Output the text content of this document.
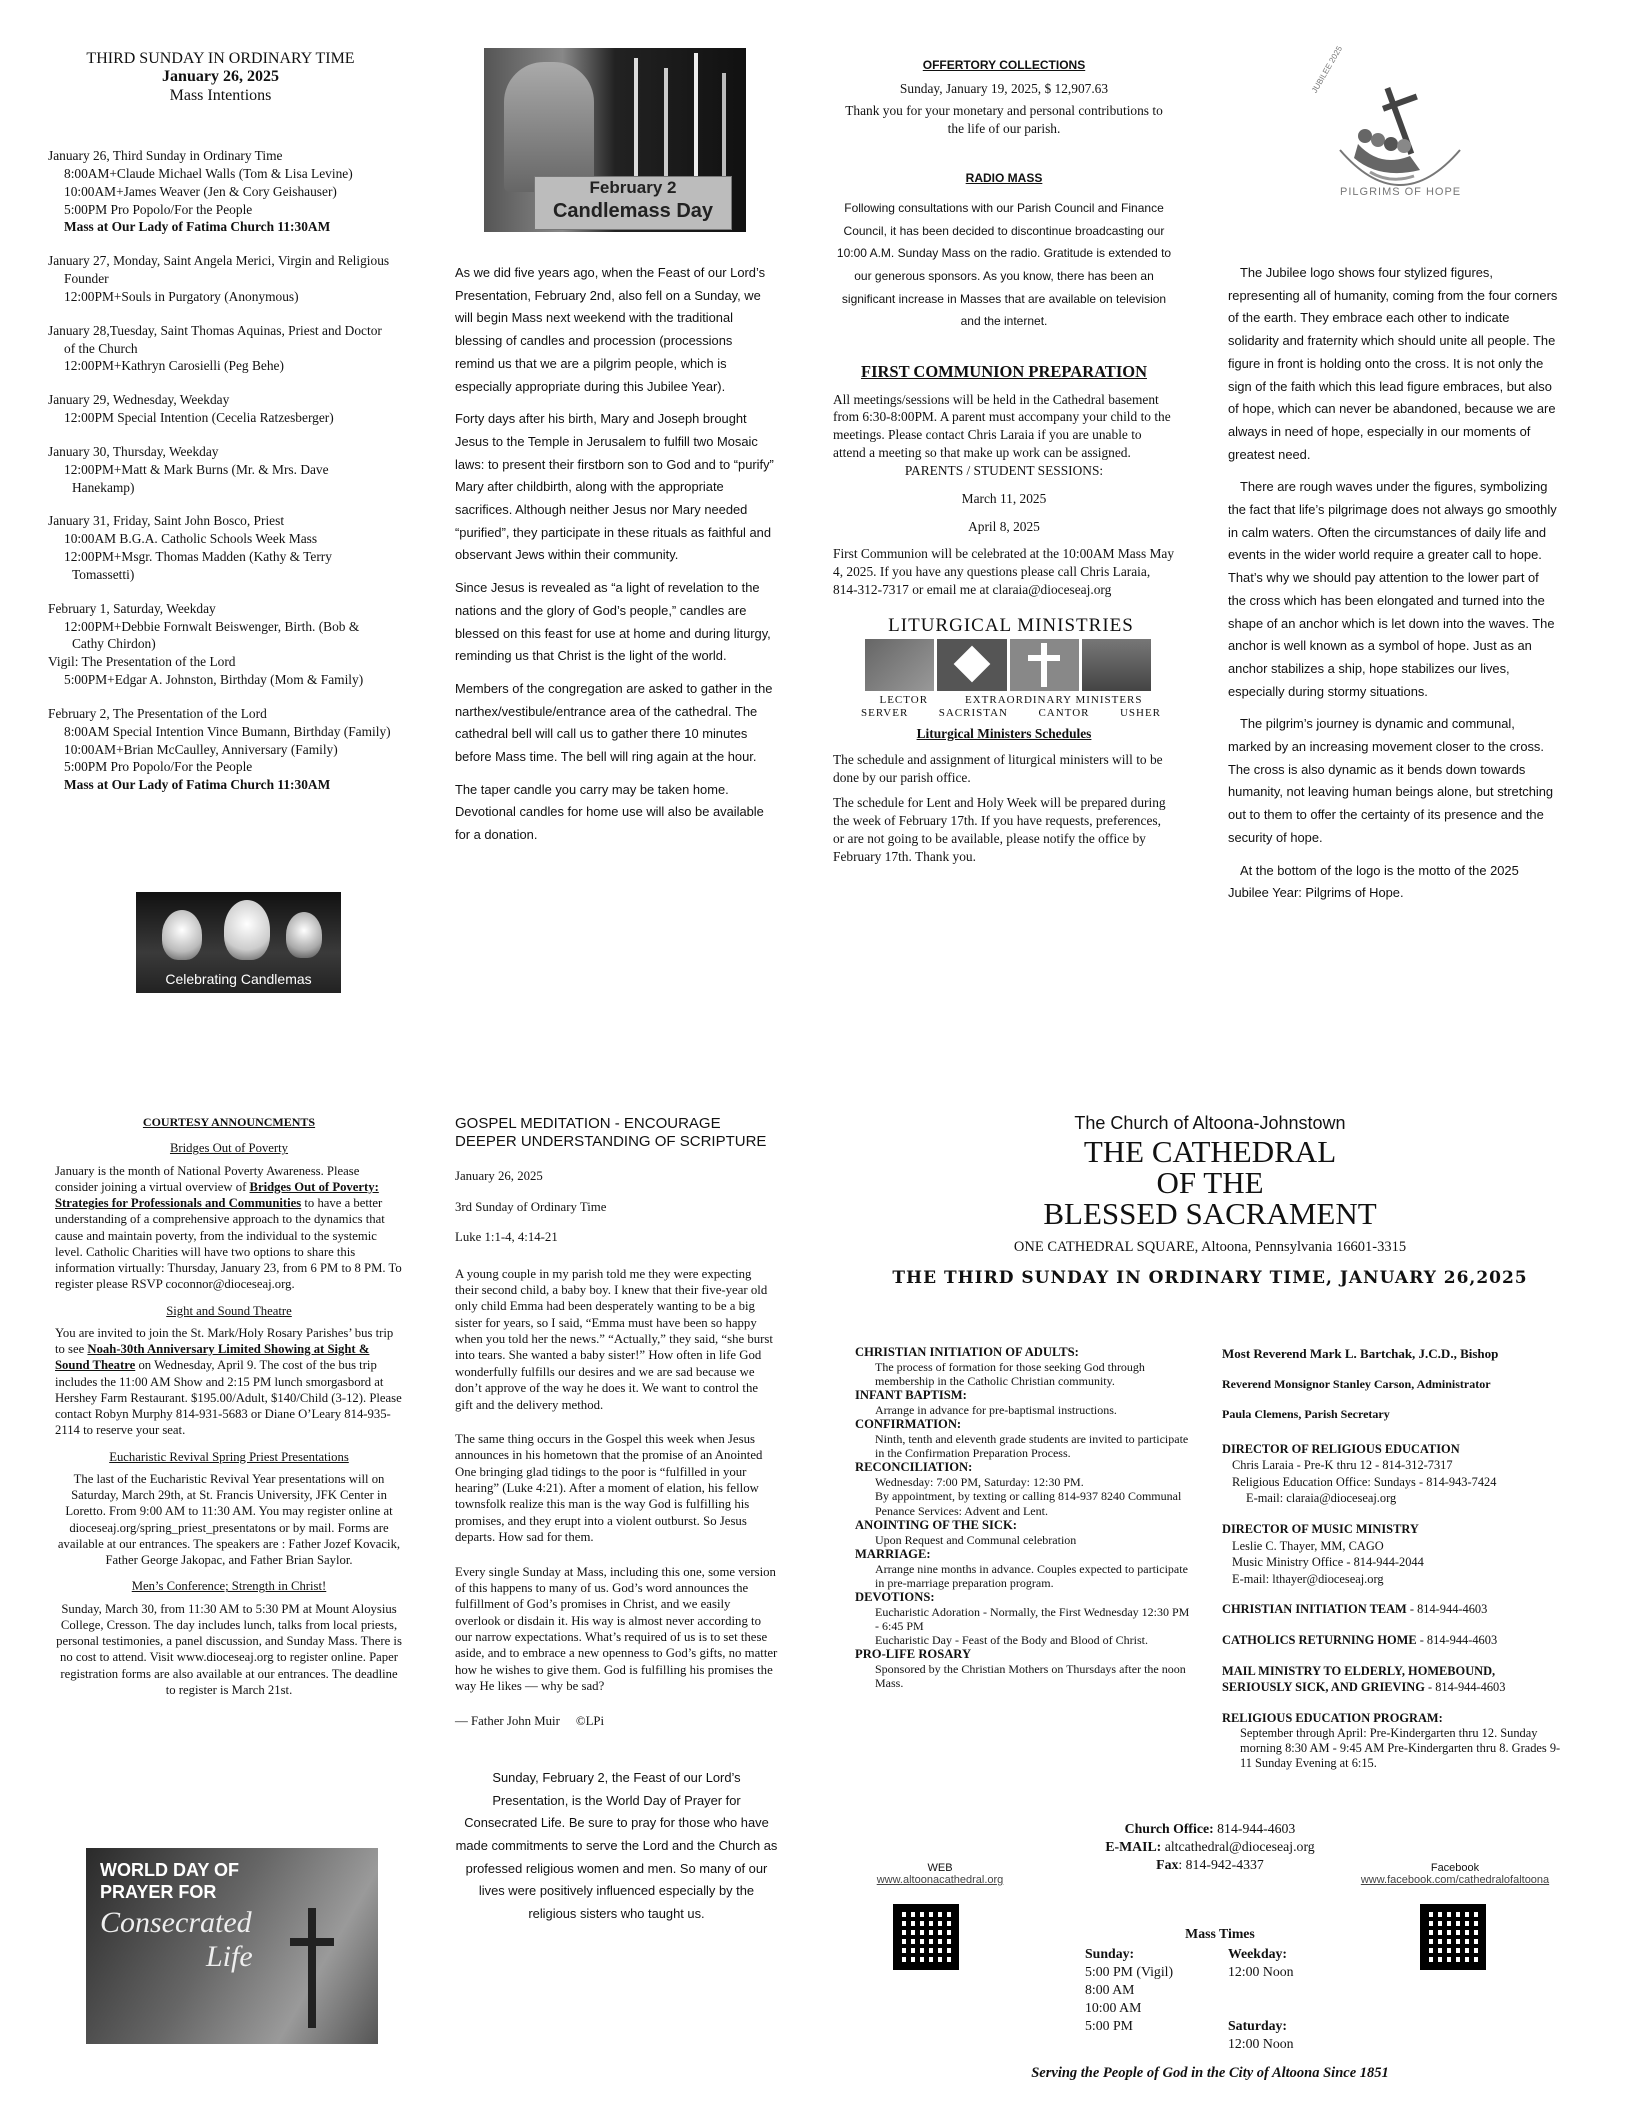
THIRD SUNDAY IN ORDINARY TIME
January 26, 2025
Mass Intentions
January 26, Third Sunday in Ordinary Time
8:00AM+Claude Michael Walls (Tom & Lisa Levine)
10:00AM+James Weaver (Jen & Cory Geishauser)
5:00PM Pro Popolo/For the People
Mass at Our Lady of Fatima Church 11:30AM
January 27, Monday, Saint Angela Merici, Virgin and Religious Founder
12:00PM+Souls in Purgatory (Anonymous)
January 28,Tuesday, Saint Thomas Aquinas, Priest and Doctor of the Church
12:00PM+Kathryn Carosielli (Peg Behe)
January 29, Wednesday, Weekday
12:00PM Special Intention (Cecelia Ratzesberger)
January 30, Thursday, Weekday
12:00PM+Matt & Mark Burns (Mr. & Mrs. Dave Hanekamp)
January 31, Friday, Saint John Bosco, Priest
10:00AM B.G.A. Catholic Schools Week Mass
12:00PM+Msgr. Thomas Madden (Kathy & Terry Tomassetti)
February 1, Saturday, Weekday
12:00PM+Debbie Fornwalt Beiswenger, Birth. (Bob & Cathy Chirdon)
Vigil: The Presentation of the Lord
5:00PM+Edgar A. Johnston, Birthday (Mom & Family)
February 2, The Presentation of the Lord
8:00AM Special Intention Vince Bumann, Birthday (Family)
10:00AM+Brian McCaulley, Anniversary (Family)
5:00PM Pro Popolo/For the People
Mass at Our Lady of Fatima Church 11:30AM
Celebrating Candlemas
February 2
Candlemass Day

As we did five years ago, when the Feast of our Lord’s Presentation, February 2nd, also fell on a Sunday, we will begin Mass next weekend with the traditional blessing of candles and procession (processions remind us that we are a pilgrim people, which is especially appropriate during this Jubilee Year).

Forty days after his birth, Mary and Joseph brought Jesus to the Temple in Jerusalem to fulfill two Mosaic laws: to present their firstborn son to God and to “purify” Mary after childbirth, along with the appropriate sacrifices. Although neither Jesus nor Mary needed “purified”, they participate in these rituals as faithful and observant Jews within their community.

Since Jesus is revealed as “a light of revelation to the nations and the glory of God’s people,” candles are blessed on this feast for use at home and during liturgy, reminding us that Christ is the light of the world.

Members of the congregation are asked to gather in the narthex/vestibule/entrance area of the cathedral. The cathedral bell will call us to gather there 10 minutes before Mass time. The bell will ring again at the hour.

The taper candle you carry may be taken home. Devotional candles for home use will also be available for a donation.

OFFERTORY COLLECTIONS
Sunday, January 19, 2025, $ 12,907.63
Thank you for your monetary and personal contributions to the life of our parish.
RADIO MASS
Following consultations with our Parish Council and Finance Council, it has been decided to discontinue broadcasting our 10:00 A.M. Sunday Mass on the radio. Gratitude is extended to our generous sponsors. As you know, there has been an significant increase in Masses that are available on television and the internet.
FIRST COMMUNION PREPARATION
All meetings/sessions will be held in the Cathedral basement from 6:30-8:00PM. A parent must accompany your child to the meetings. Please contact Chris Laraia if you are unable to attend a meeting so that make up work can be assigned.
PARENTS / STUDENT SESSIONS:
March 11, 2025
April 8, 2025
First Communion will be celebrated at the 10:00AM Mass May 4, 2025. If you have any questions please call Chris Laraia, 814-312-7317 or email me at claraia@dioceseaj.org
LITURGICAL MINISTRIES
LECTOR	EXTRAORDINARY MINISTERS
SERVER	SACRISTAN	CANTOR	USHER
Liturgical Ministers Schedules
The schedule and assignment of liturgical ministers will to be done by our parish office.
The schedule for Lent and Holy Week will be prepared during the week of February 17th. If you have requests, preferences, or are not going to be available, please notify the office by February 17th. Thank you.
JUBILEE 2025
PILGRIMS OF HOPE

The Jubilee logo shows four stylized figures, representing all of humanity, coming from the four corners of the earth. They embrace each other to indicate solidarity and fraternity which should unite all people. The figure in front is holding onto the cross. It is not only the sign of the faith which this lead figure embraces, but also of hope, which can never be abandoned, because we are always in need of hope, especially in our moments of greatest need.

There are rough waves under the figures, symbolizing the fact that life’s pilgrimage does not always go smoothly in calm waters. Often the circumstances of daily life and events in the wider world require a greater call to hope. That’s why we should pay attention to the lower part of the cross which has been elongated and turned into the shape of an anchor which is let down into the waves. The anchor is well known as a symbol of hope. Just as an anchor stabilizes a ship, hope stabilizes our lives, especially during stormy situations.

The pilgrim’s journey is dynamic and communal, marked by an increasing movement closer to the cross. The cross is also dynamic as it bends down towards humanity, not leaving human beings alone, but stretching out to them to offer the certainty of its presence and the security of hope.

At the bottom of the logo is the motto of the 2025 Jubilee Year: Pilgrims of Hope.

COURTESY ANNOUNCMENTS
Bridges Out of Poverty
January is the month of National Poverty Awareness. Please consider joining a virtual overview of Bridges Out of Poverty: Strategies for Professionals and Communities to have a better understanding of a comprehensive approach to the dynamics that cause and maintain poverty, from the individual to the systemic level. Catholic Charities will have two options to share this information virtually: Thursday, January 23, from 6 PM to 8 PM. To register please RSVP coconnor@dioceseaj.org.
Sight and Sound Theatre
You are invited to join the St. Mark/Holy Rosary Parishes’ bus trip to see Noah-30th Anniversary Limited Showing at Sight & Sound Theatre on Wednesday, April 9. The cost of the bus trip includes the 11:00 AM Show and 2:15 PM lunch smorgasbord at Hershey Farm Restaurant. $195.00/Adult, $140/Child (3-12). Please contact Robyn Murphy 814-931-5683 or Diane O’Leary 814-935-2114 to reserve your seat.
Eucharistic Revival Spring Priest Presentations
The last of the Eucharistic Revival Year presentations will on Saturday, March 29th, at St. Francis University, JFK Center in Loretto. From 9:00 AM to 11:30 AM. You may register online at dioceseaj.org/spring_priest_presentatons or by mail. Forms are available at our entrances. The speakers are : Father Jozef Kovacik, Father George Jakopac, and Father Brian Saylor.
Men’s Conference; Strength in Christ!
Sunday, March 30, from 11:30 AM to 5:30 PM at Mount Aloysius College, Cresson. The day includes lunch, talks from local priests, personal testimonies, a panel discussion, and Sunday Mass. There is no cost to attend. Visit www.dioceseaj.org to register online. Paper registration forms are also available at our entrances. The deadline to register is March 21st.
WORLD DAY OF
PRAYER FOR
Consecrated
Life
GOSPEL MEDITATION - ENCOURAGE DEEPER UNDERSTANDING OF SCRIPTURE
January 26, 2025
3rd Sunday of Ordinary Time
Luke 1:1-4, 4:14-21
A young couple in my parish told me they were expecting their second child, a baby boy. I knew that their five-year old only child Emma had been desperately wanting to be a big sister for years, so I said, “Emma must have been so happy when you told her the news.” “Actually,” they said, “she burst into tears. She wanted a baby sister!” How often in life God wonderfully fulfills our desires and we are sad because we don’t approve of the way he does it. We want to control the gift and the delivery method.
The same thing occurs in the Gospel this week when Jesus announces in his hometown that the promise of an Anointed One bringing glad tidings to the poor is “fulfilled in your hearing” (Luke 4:21). After a moment of elation, his fellow townsfolk realize this man is the way God is fulfilling his promises, and they erupt into a violent outburst. So Jesus departs. How sad for them.
Every single Sunday at Mass, including this one, some version of this happens to many of us. God’s word announces the fulfillment of God’s promises in Christ, and we easily overlook or disdain it. His way is almost never according to our narrow expectations. What’s required of us is to set these aside, and to embrace a new openness to God’s gifts, no matter how he wishes to give them. God is fulfilling his promises the way He likes — why be sad?
— Father John Muir     ©LPi
Sunday, February 2, the Feast of our Lord’s Presentation, is the World Day of Prayer for Consecrated Life. Be sure to pray for those who have made commitments to serve the Lord and the Church as professed religious women and men. So many of our lives were positively influenced especially by the religious sisters who taught us.
The Church of Altoona-Johnstown
THE CATHEDRAL
OF THE
BLESSED SACRAMENT
ONE CATHEDRAL SQUARE, Altoona, Pennsylvania 16601-3315
THE THIRD SUNDAY IN ORDINARY TIME, JANUARY 26,2025
CHRISTIAN INITIATION OF ADULTS:
The process of formation for those seeking God through membership in the Catholic Christian community.
INFANT BAPTISM:
Arrange in advance for pre-baptismal instructions.
CONFIRMATION:
Ninth, tenth and eleventh grade students are invited to participate in the Confirmation Preparation Process.
RECONCILIATION:
Wednesday: 7:00 PM, Saturday: 12:30 PM.
By appointment, by texting or calling 814-937 8240 Communal Penance Services: Advent and Lent.
ANOINTING OF THE SICK:
Upon Request and Communal celebration
MARRIAGE:
Arrange nine months in advance. Couples expected to participate in pre-marriage preparation program.
DEVOTIONS:
Eucharistic Adoration - Normally, the First Wednesday 12:30 PM - 6:45 PM
Eucharistic Day - Feast of the Body and Blood of Christ.
PRO-LIFE ROSARY
Sponsored by the Christian Mothers on Thursdays after the noon Mass.

Most Reverend Mark L. Bartchak, J.C.D., Bishop

Reverend Monsignor Stanley Carson, Administrator

Paula Clemens, Parish Secretary

DIRECTOR OF RELIGIOUS EDUCATION

Chris Laraia - Pre-K thru 12 - 814-312-7317

Religious Education Office: Sundays - 814-943-7424

E-mail: claraia@dioceseaj.org

DIRECTOR OF MUSIC MINISTRY

Leslie C. Thayer, MM, CAGO

Music Ministry Office - 814-944-2044

E-mail: lthayer@dioceseaj.org

CHRISTIAN INITIATION TEAM - 814-944-4603

CATHOLICS RETURNING HOME - 814-944-4603

MAIL MINISTRY TO ELDERLY, HOMEBOUND, SERIOUSLY SICK, AND GRIEVING - 814-944-4603

RELIGIOUS EDUCATION PROGRAM:

September through April: Pre-Kindergarten thru 12. Sunday morning 8:30 AM - 9:45 AM Pre-Kindergarten thru 8. Grades 9-11 Sunday Evening at 6:15.

Church Office: 814-944-4603
E-MAIL: altcathedral@dioceseaj.org
Fax: 814-942-4337
WEB
www.altoonacathedral.org
Facebook
www.facebook.com/cathedralofaltoona
Mass Times
Sunday:
5:00 PM (Vigil)
8:00 AM
10:00 AM
5:00 PM
Weekday:
12:00 Noon
Saturday:
12:00 Noon
Serving the People of God in the City of Altoona Since 1851
